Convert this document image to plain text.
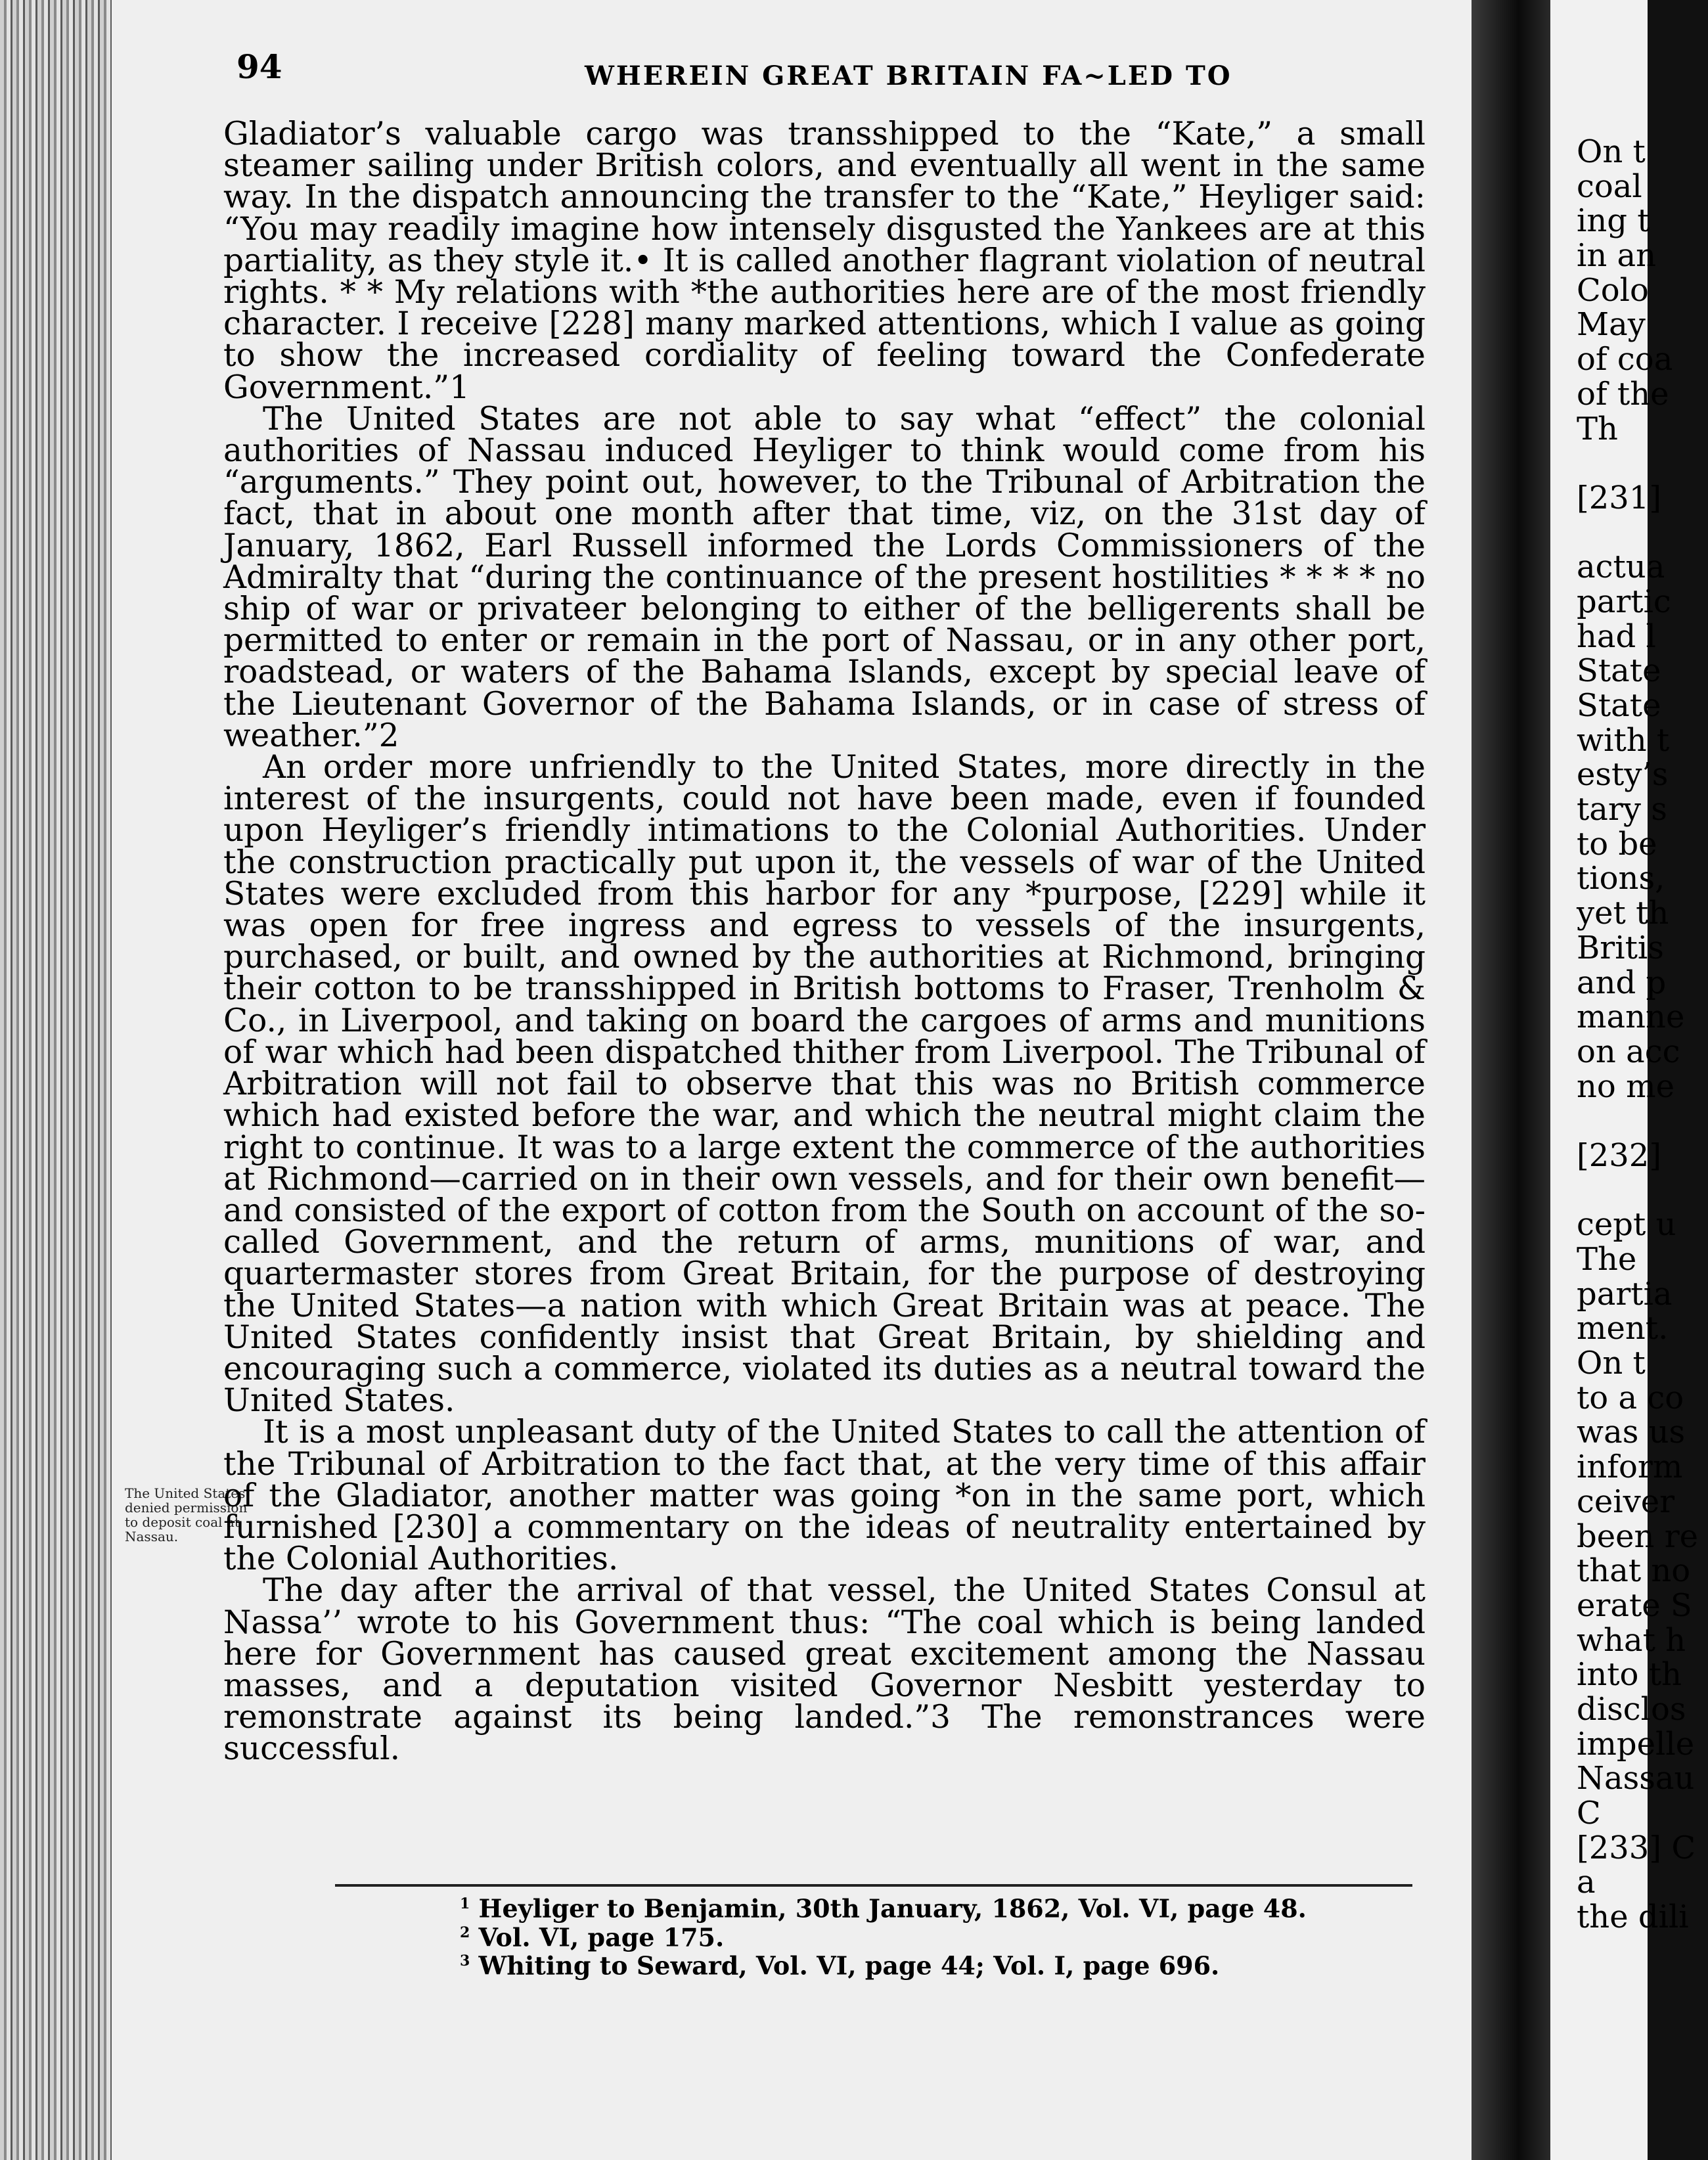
94	WHEREIN GREAT BRITAIN FA~LED TO
The United States denied permission to deposit coal at Nassau.

Gladiator’s valuable cargo was transshipped to the “Kate,” a small steamer sailing under British colors, and eventually all went in the same way. In the dispatch announcing the transfer to the “Kate,” Heyliger said: “You may readily imagine how intensely disgusted the Yankees are at this partiality, as they style it.• It is called another flagrant violation of neutral rights. * * My relations with *the authorities here are of the most friendly character. I receive [228] many marked attentions, which I value as going to show the increased cordiality of feeling toward the Confederate Government.”1

The United States are not able to say what “effect” the colonial authorities of Nassau induced Heyliger to think would come from his “arguments.” They point out, however, to the Tribunal of Arbitration the fact, that in about one month after that time, viz, on the 31st day of January, 1862, Earl Russell informed the Lords Commissioners of the Admiralty that “during the continuance of the present hostilities * * * * no ship of war or privateer belonging to either of the belligerents shall be permitted to enter or remain in the port of Nassau, or in any other port, roadstead, or waters of the Bahama Islands, except by special leave of the Lieutenant Governor of the Bahama Islands, or in case of stress of weather.”2

An order more unfriendly to the United States, more directly in the interest of the insurgents, could not have been made, even if founded upon Heyliger’s friendly intimations to the Colonial Authorities. Under the construction practically put upon it, the vessels of war of the United States were excluded from this harbor for any *purpose, [229] while it was open for free ingress and egress to vessels of the insurgents, purchased, or built, and owned by the authorities at Richmond, bringing their cotton to be transshipped in British bottoms to Fraser, Trenholm & Co., in Liverpool, and taking on board the cargoes of arms and munitions of war which had been dispatched thither from Liverpool. The Tribunal of Arbitration will not fail to observe that this was no British commerce which had existed before the war, and which the neutral might claim the right to continue. It was to a large extent the commerce of the authorities at Richmond—carried on in their own vessels, and for their own benefit—and consisted of the export of cotton from the South on account of the so-called Government, and the return of arms, munitions of war, and quartermaster stores from Great Britain, for the purpose of destroying the United States—a nation with which Great Britain was at peace. The United States confidently insist that Great Britain, by shielding and encouraging such a commerce, violated its duties as a neutral toward the United States.

It is a most unpleasant duty of the United States to call the attention of the Tribunal of Arbitration to the fact that, at the very time of this affair of the Gladiator, another matter was going *on in the same port, which furnished [230] a commentary on the ideas of neutrality entertained by the Colonial Authorities.

The day after the arrival of that vessel, the United States Consul at Nassa’’ wrote to his Government thus: “The coal which is being landed here for Government has caused great excitement among the Nassau masses, and a deputation visited Governor Nesbitt yesterday to remonstrate against its being landed.”3 The remonstrances were successful.

$^1$ Heyliger to Benjamin, 30th January, 1862, Vol. VI, page 48.
$^2$ Vol. VI, page 175.
$^3$ Whiting to Seward, Vol. VI, page 44; Vol. I, page 696.
On t
coal
ing t
in an
Colo
May
of coa
of the
Th
[231]
actua
partic
had l
State
State
with t
esty’s
tary s
to be
tions,
yet th
Britis
and p
manne
on acc
no me
[232]
cept u
The
partia
ment.
On t
to a co
was us
inform
ceiver
been re
that no
erate S
what h
into th
disclos
impelle
Nassau
C
[233] C
a
the dili
